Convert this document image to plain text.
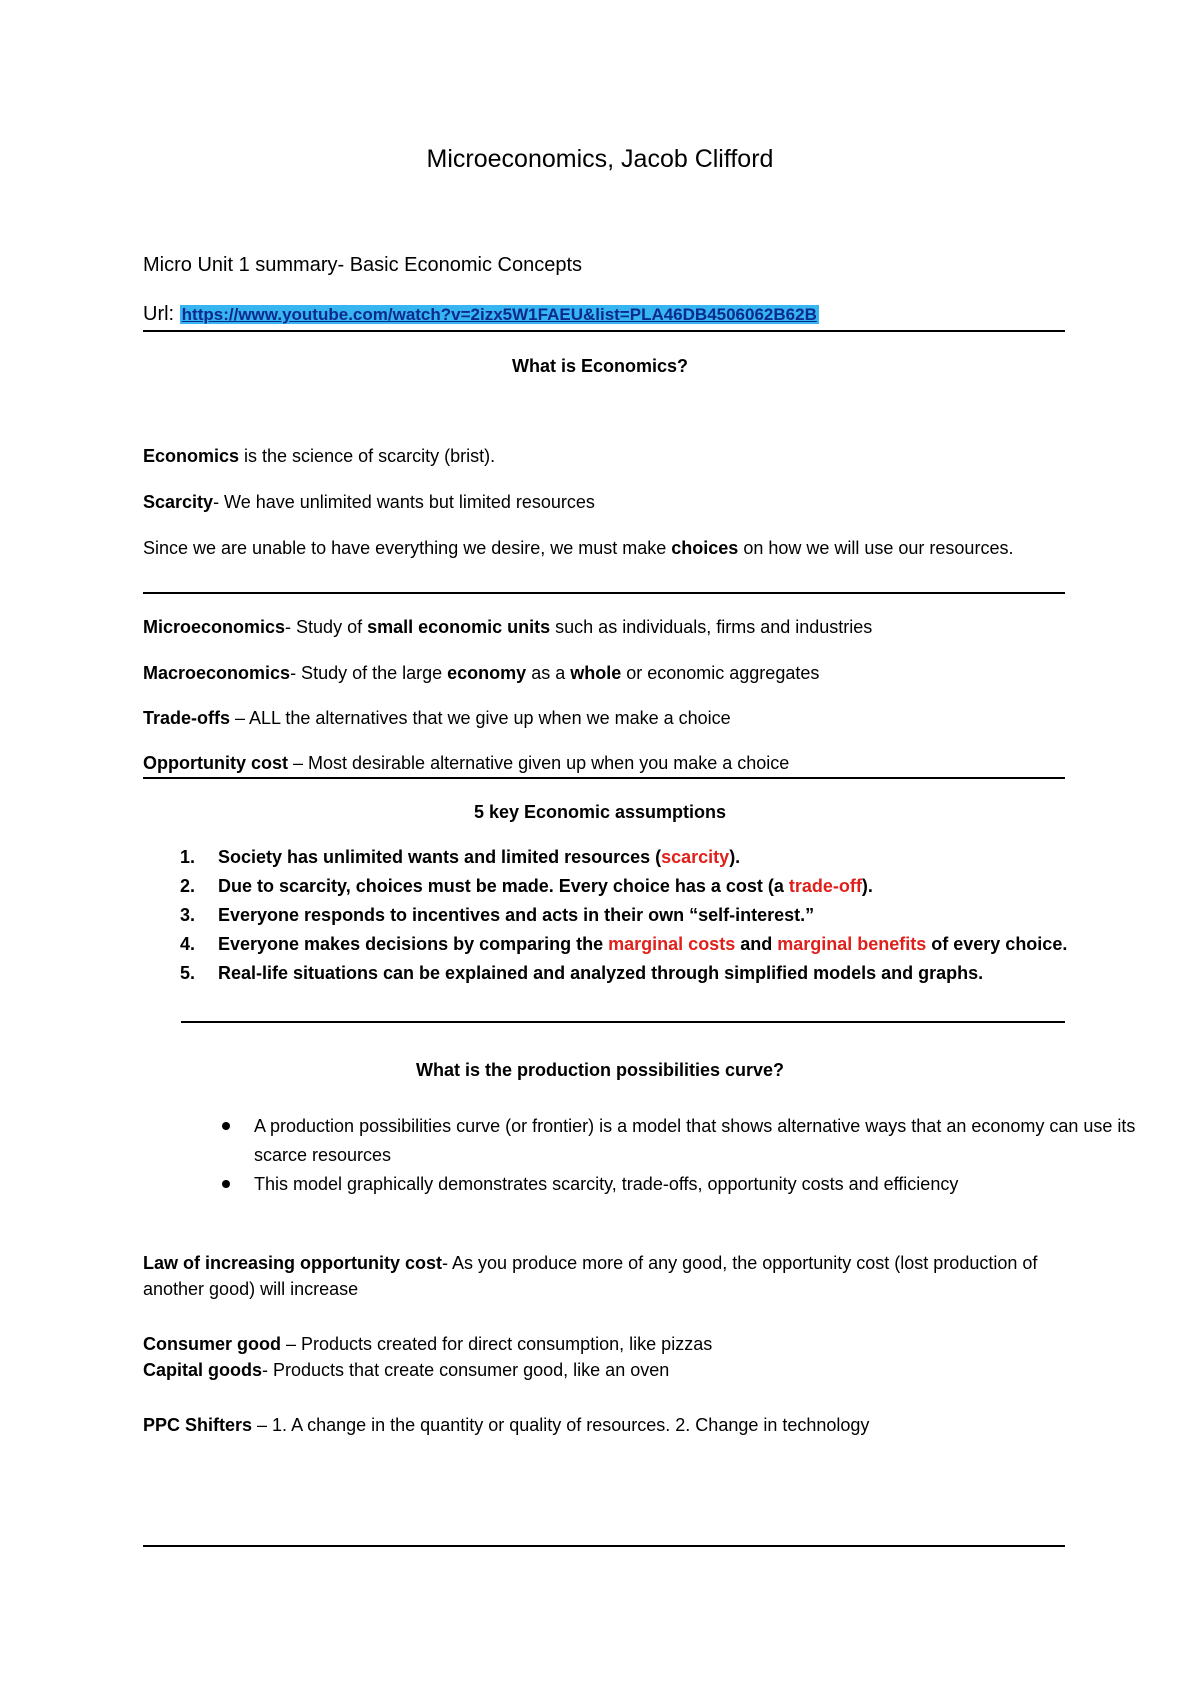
Microeconomics, Jacob Clifford
Micro Unit 1 summary- Basic Economic Concepts
Url: https://www.youtube.com/watch?v=2izx5W1FAEU&list=PLA46DB4506062B62B
What is Economics?
Economics is the science of scarcity (brist).
Scarcity- We have unlimited wants but limited resources
Since we are unable to have everything we desire, we must make choices on how we will use our resources.
Microeconomics- Study of small economic units such as individuals, firms and industries
Macroeconomics- Study of the large economy as a whole or economic aggregates
Trade-offs – ALL the alternatives that we give up when we make a choice
Opportunity cost – Most desirable alternative given up when you make a choice
5 key Economic assumptions
1. Society has unlimited wants and limited resources (scarcity).
2. Due to scarcity, choices must be made. Every choice has a cost (a trade-off).
3. Everyone responds to incentives and acts in their own “self-interest.”
4. Everyone makes decisions by comparing the marginal costs and marginal benefits of every choice.
5. Real-life situations can be explained and analyzed through simplified models and graphs.
What is the production possibilities curve?
A production possibilities curve (or frontier) is a model that shows alternative ways that an economy can use its scarce resources
This model graphically demonstrates scarcity, trade-offs, opportunity costs and efficiency
Law of increasing opportunity cost- As you produce more of any good, the opportunity cost (lost production of another good) will increase
Consumer good – Products created for direct consumption, like pizzas
Capital goods- Products that create consumer good, like an oven
PPC Shifters – 1. A change in the quantity or quality of resources. 2. Change in technology
